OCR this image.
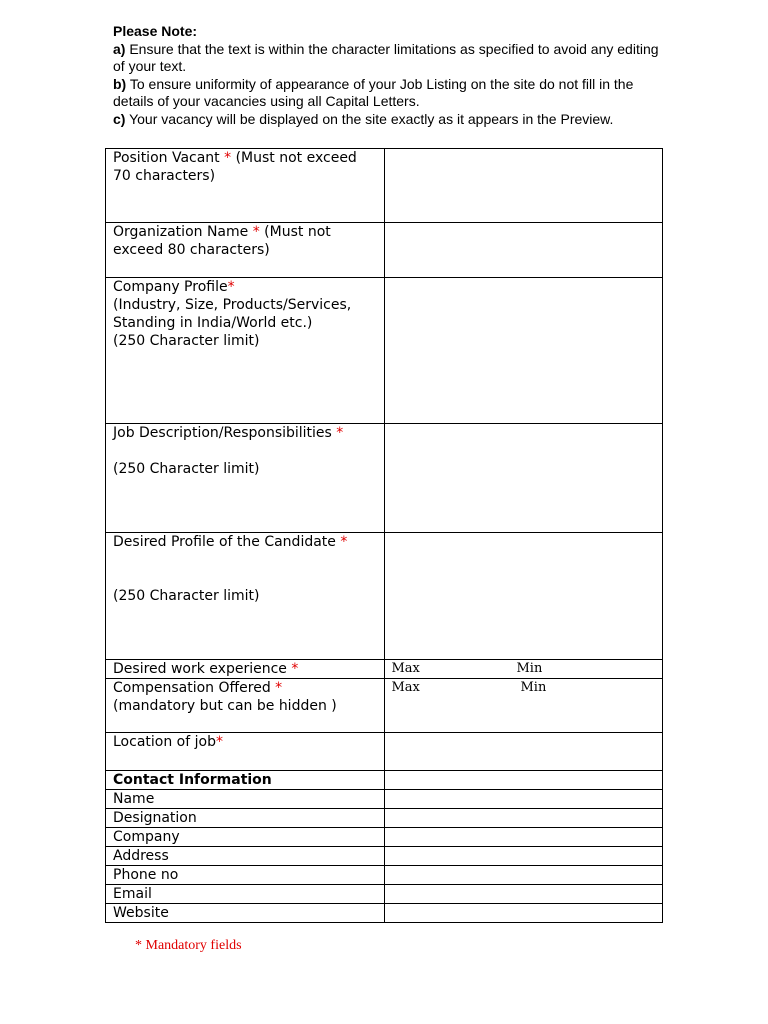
Please Note:
a) Ensure that the text is within the character limitations as specified to avoid any editing of your text.
b) To ensure uniformity of appearance of your Job Listing on the site do not fill in the details of your vacancies using all Capital Letters.
c) Your vacancy will be displayed on the site exactly as it appears in the Preview.
Position Vacant * (Must not exceed 70 characters)	
Organization Name * (Must not exceed 80 characters)	
Company Profile*
(Industry, Size, Products/Services, Standing in India/World etc.)
(250 Character limit)	
Job Description/Responsibilities *

(250 Character limit)	
Desired Profile of the Candidate *

(250 Character limit)	
Desired work experience *	Max Min

Compensation Offered *
(mandatory but can be hidden )	Max Min

Location of job*	
Contact Information	
Name	
Designation	
Company	
Address	
Phone no	
Email	
Website	
* Mandatory fields
